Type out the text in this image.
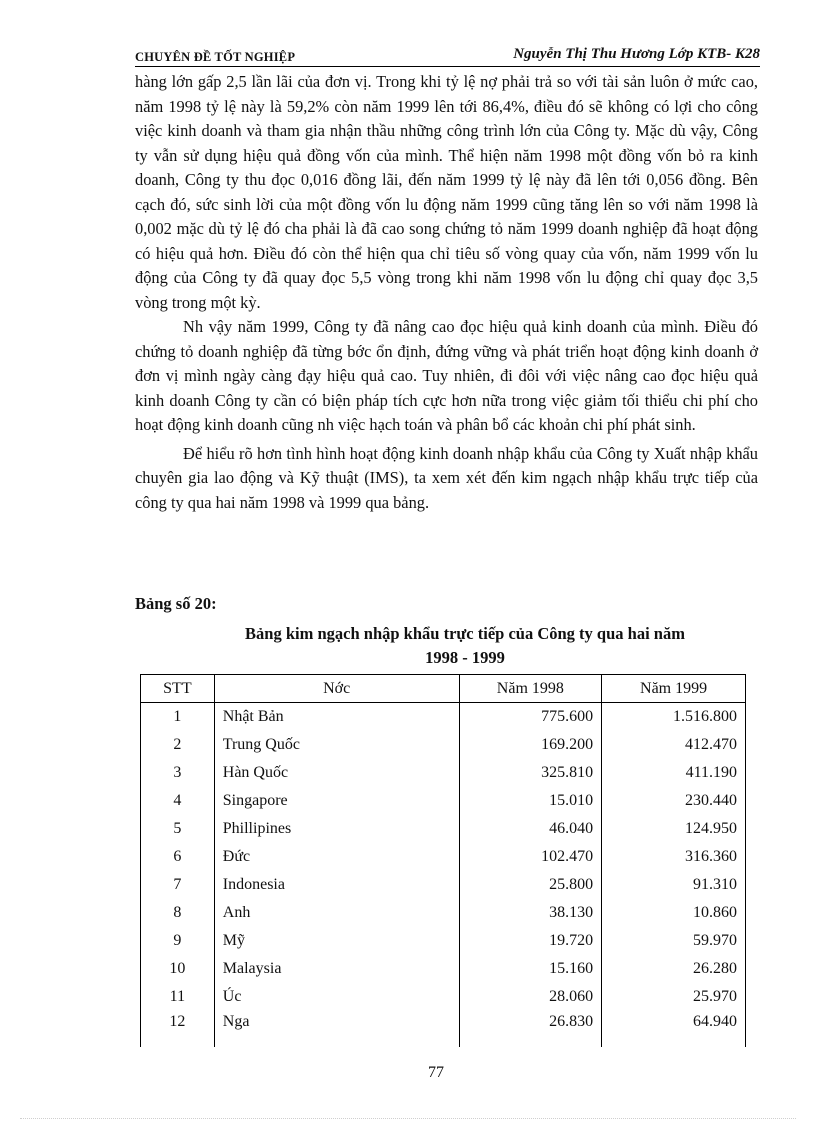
CHUYÊN ĐỀ TỐT NGHIỆP	Nguyễn Thị Thu Hương Lớp KTB- K28

hàng lớn gấp 2,5 lần lãi của đơn vị. Trong khi tỷ lệ nợ phải trả so với tài sản luôn ở mức cao, năm 1998 tỷ lệ này là 59,2% còn năm 1999 lên tới 86,4%, điều đó sẽ không có lợi cho công việc kinh doanh và tham gia nhận thầu những công trình lớn của Công ty. Mặc dù vậy, Công ty vẫn sử dụng hiệu quả đồng vốn của mình. Thể hiện năm 1998 một đồng vốn bỏ ra kinh doanh, Công ty thu đọc 0,016 đồng lãi, đến năm 1999 tỷ lệ này đã lên tới 0,056 đồng. Bên cạch đó, sức sinh lời của một đồng vốn lu động năm 1999 cũng tăng lên so với năm 1998 là 0,002 mặc dù tỷ lệ đó cha phải là đã cao song chứng tỏ năm 1999 doanh nghiệp đã hoạt động có hiệu quả hơn. Điều đó còn thể hiện qua chỉ tiêu số vòng quay của vốn, năm 1999 vốn lu động của Công ty đã quay đọc 5,5 vòng trong khi năm 1998 vốn lu động chỉ quay đọc 3,5 vòng trong một kỳ.

Nh vậy năm 1999, Công ty đã nâng cao đọc hiệu quả kinh doanh của mình. Điều đó chứng tỏ doanh nghiệp đã từng bớc ổn định, đứng vững và phát triển hoạt động kinh doanh ở đơn vị mình ngày càng đạy hiệu quả cao. Tuy nhiên, đi đôi với việc nâng cao đọc hiệu quả kinh doanh Công ty cần có biện pháp tích cực hơn nữa trong việc giảm tối thiểu chi phí cho hoạt động kinh doanh cũng nh việc hạch toán và phân bổ các khoản chi phí phát sinh.

Để hiểu rõ hơn tình hình hoạt động kinh doanh nhập khẩu của Công ty Xuất nhập khẩu chuyên gia lao động và Kỹ thuật (IMS), ta xem xét đến kim ngạch nhập khẩu trực tiếp của công ty qua hai năm 1998 và 1999 qua bảng.

Bảng số 20:
Bảng kim ngạch nhập khẩu trực tiếp của Công ty qua hai năm
1998 - 1999
STT	Nớc	Năm 1998	Năm 1999
1	Nhật Bản	775.600	1.516.800
2	Trung Quốc	169.200	412.470
3	Hàn Quốc	325.810	411.190
4	Singapore	15.010	230.440
5	Phillipines	46.040	124.950
6	Đức	102.470	316.360
7	Indonesia	25.800	91.310
8	Anh	38.130	10.860
9	Mỹ	19.720	59.970
10	Malaysia	15.160	26.280
11	Úc	28.060	25.970
12	Nga	26.830	64.940
77
